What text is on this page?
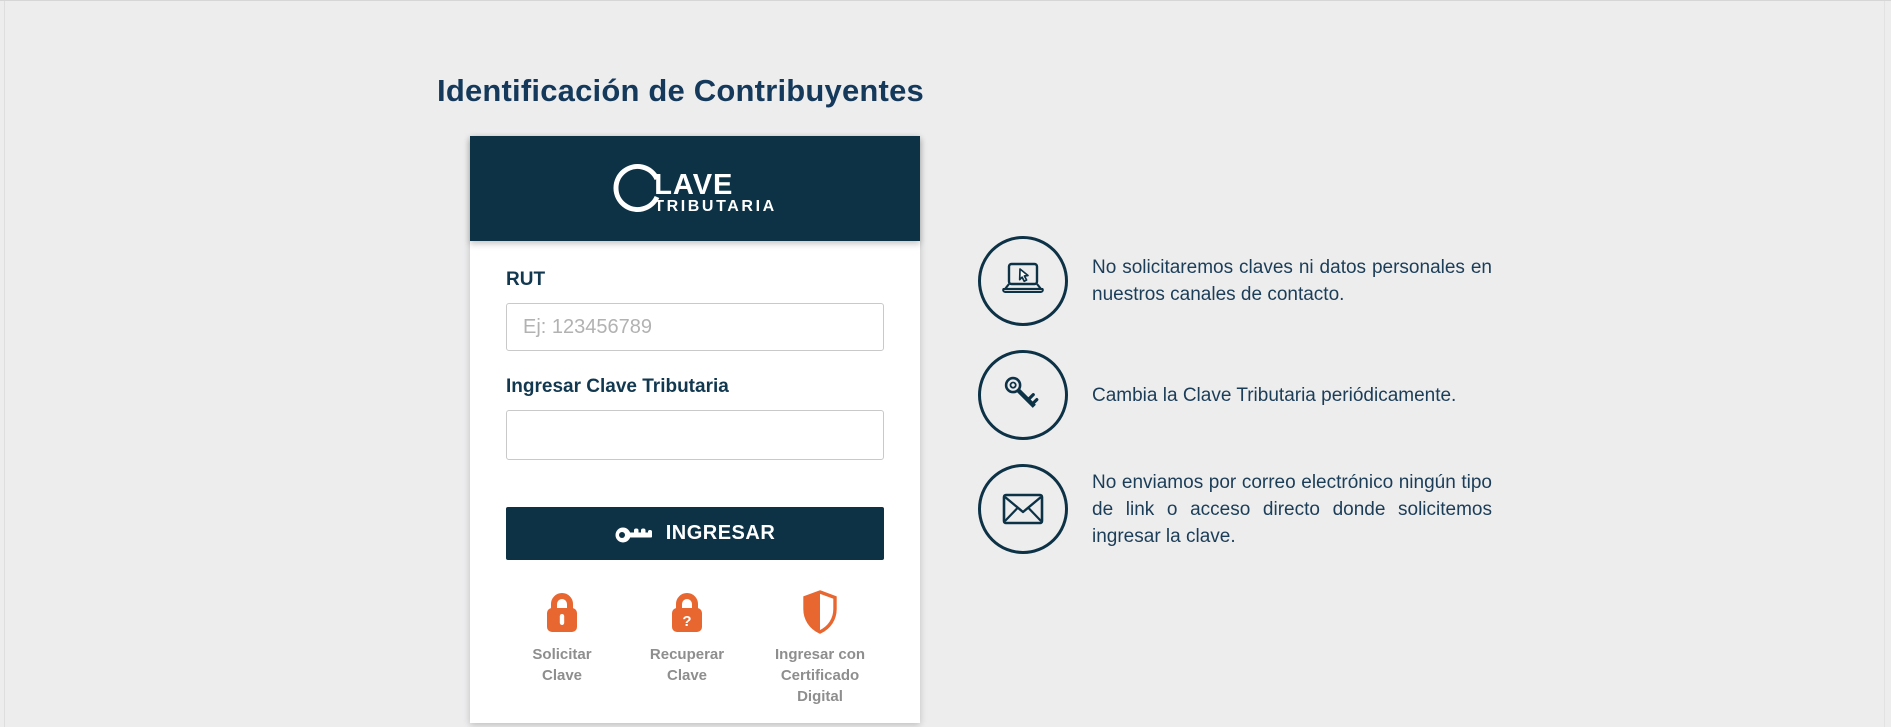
Identificación de Contribuyentes
LAVE
TRIBUTARIA
RUT
Ej: 123456789
Ingresar Clave Tributaria
INGRESAR
Solicitar Clave
?
Recuperar Clave
Ingresar con Certificado Digital

No solicitaremos claves ni datos personales en nuestros canales de contacto.

Cambia la Clave Tributaria periódicamente.

No enviamos por correo electrónico ningún tipo de link o acceso directo donde solicitemos ingresar la clave.
